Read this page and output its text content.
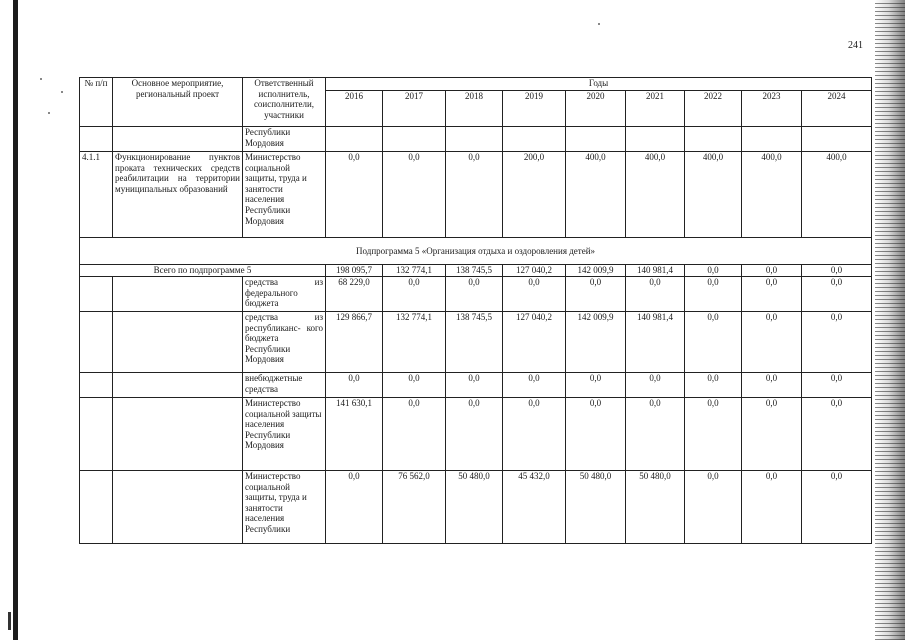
241
№ п/п	Основное мероприятие, региональный проект	Ответственный исполнитель, соисполнители, участники	Годы								
			2016	2017	2018	2019	2020	2021	2022	2023	2024
		Республики Мордовия									
4.1.1	Функционирование пунктов проката технических средств реабилитации на территории муниципальных образований	Министерство социальной защиты, труда и занятости населения Республики Мордовия	0,0	0,0	0,0	200,0	400,0	400,0	400,0	400,0	400,0
Подпрограмма 5 «Организация отдыха и оздоровления детей»											
Всего по подпрограмме 5			198 095,7	132 774,1	138 745,5	127 040,2	142 009,9	140 981,4	0,0	0,0	0,0
		средства из федерального бюджета	68 229,0	0,0	0,0	0,0	0,0	0,0	0,0	0,0	0,0
		средства из республиканс- кого бюджета Республики Мордовия	129 866,7	132 774,1	138 745,5	127 040,2	142 009,9	140 981,4	0,0	0,0	0,0
		внебюджетные средства	0,0	0,0	0,0	0,0	0,0	0,0	0,0	0,0	0,0
		Министерство социальной защиты населения Республики Мордовия	141 630,1	0,0	0,0	0,0	0,0	0,0	0,0	0,0	0,0
		Министерство социальной защиты, труда и занятости населения Республики	0,0	76 562,0	50 480,0	45 432,0	50 480,0	50 480,0	0,0	0,0	0,0
